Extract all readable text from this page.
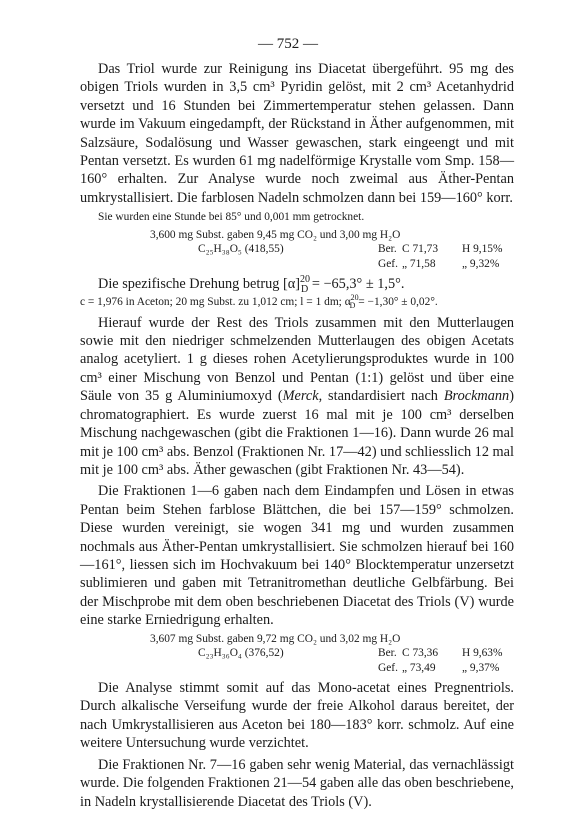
— 752 —

Das Triol wurde zur Reinigung ins Diacetat übergeführt. 95 mg des obigen Triols wurden in 3,5 cm³ Pyridin gelöst, mit 2 cm³ Acetanhydrid versetzt und 16 Stunden bei Zimmertemperatur stehen gelassen. Dann wurde im Vakuum eingedampft, der Rückstand in Äther aufgenommen, mit Salzsäure, Sodalösung und Wasser gewaschen, stark eingeengt und mit Pentan versetzt. Es wurden 61 mg nadelförmige Krystalle vom Smp. 158—160° erhalten. Zur Analyse wurde noch zweimal aus Äther-Pentan umkrystallisiert. Die farblosen Nadeln schmolzen dann bei 159—160° korr.

Sie wurden eine Stunde bei 85° und 0,001 mm getrocknet.
3,600 mg Subst. gaben 9,45 mg CO₂ und 3,00 mg H₂O
C₂₅H₃₈O₅ (418,55)	Ber. C 71,73	H 9,15%
Gef. „ 71,58	„ 9,32%
Die spezifische Drehung betrug $[\alpha]^{20}_D = -65,3^\circ \pm 1,5^\circ$.
c = 1,976 in Aceton; 20 mg Subst. zu 1,012 cm; l = 1 dm; $\alpha^{20}_D = -1,30^\circ \pm 0,02^\circ$.

Hierauf wurde der Rest des Triols zusammen mit den Mutterlaugen sowie mit den niedriger schmelzenden Mutterlaugen des obigen Acetats analog acetyliert. 1 g dieses rohen Acetylierungsproduktes wurde in 100 cm³ einer Mischung von Benzol und Pentan (1:1) gelöst und über eine Säule von 35 g Aluminiumoxyd (Merck, standardisiert nach Brockmann) chromatographiert. Es wurde zuerst 16 mal mit je 100 cm³ derselben Mischung nachgewaschen (gibt die Fraktionen 1—16). Dann wurde 26 mal mit je 100 cm³ abs. Benzol (Fraktionen Nr. 17—42) und schliesslich 12 mal mit je 100 cm³ abs. Äther gewaschen (gibt Fraktionen Nr. 43—54).

Die Fraktionen 1—6 gaben nach dem Eindampfen und Lösen in etwas Pentan beim Stehen farblose Blättchen, die bei 157—159° schmolzen. Diese wurden vereinigt, sie wogen 341 mg und wurden zusammen nochmals aus Äther-Pentan umkrystallisiert. Sie schmolzen hierauf bei 160—161°, liessen sich im Hochvakuum bei 140° Blocktemperatur unzersetzt sublimieren und gaben mit Tetranitromethan deutliche Gelbfärbung. Bei der Mischprobe mit dem oben beschriebenen Diacetat des Triols (V) wurde eine starke Erniedrigung erhalten.

3,607 mg Subst. gaben 9,72 mg CO₂ und 3,02 mg H₂O
C₂₃H₃₆O₄ (376,52)	Ber. C 73,36	H 9,63%
Gef. „ 73,49	„ 9,37%

Die Analyse stimmt somit auf das Mono-acetat eines Pregnentriols. Durch alkalische Verseifung wurde der freie Alkohol daraus bereitet, der nach Umkrystallisieren aus Aceton bei 180—183° korr. schmolz. Auf eine weitere Untersuchung wurde verzichtet.

Die Fraktionen Nr. 7—16 gaben sehr wenig Material, das vernachlässigt wurde. Die folgenden Fraktionen 21—54 gaben alle das oben beschriebene, in Nadeln krystallisierende Diacetat des Triols (V).
